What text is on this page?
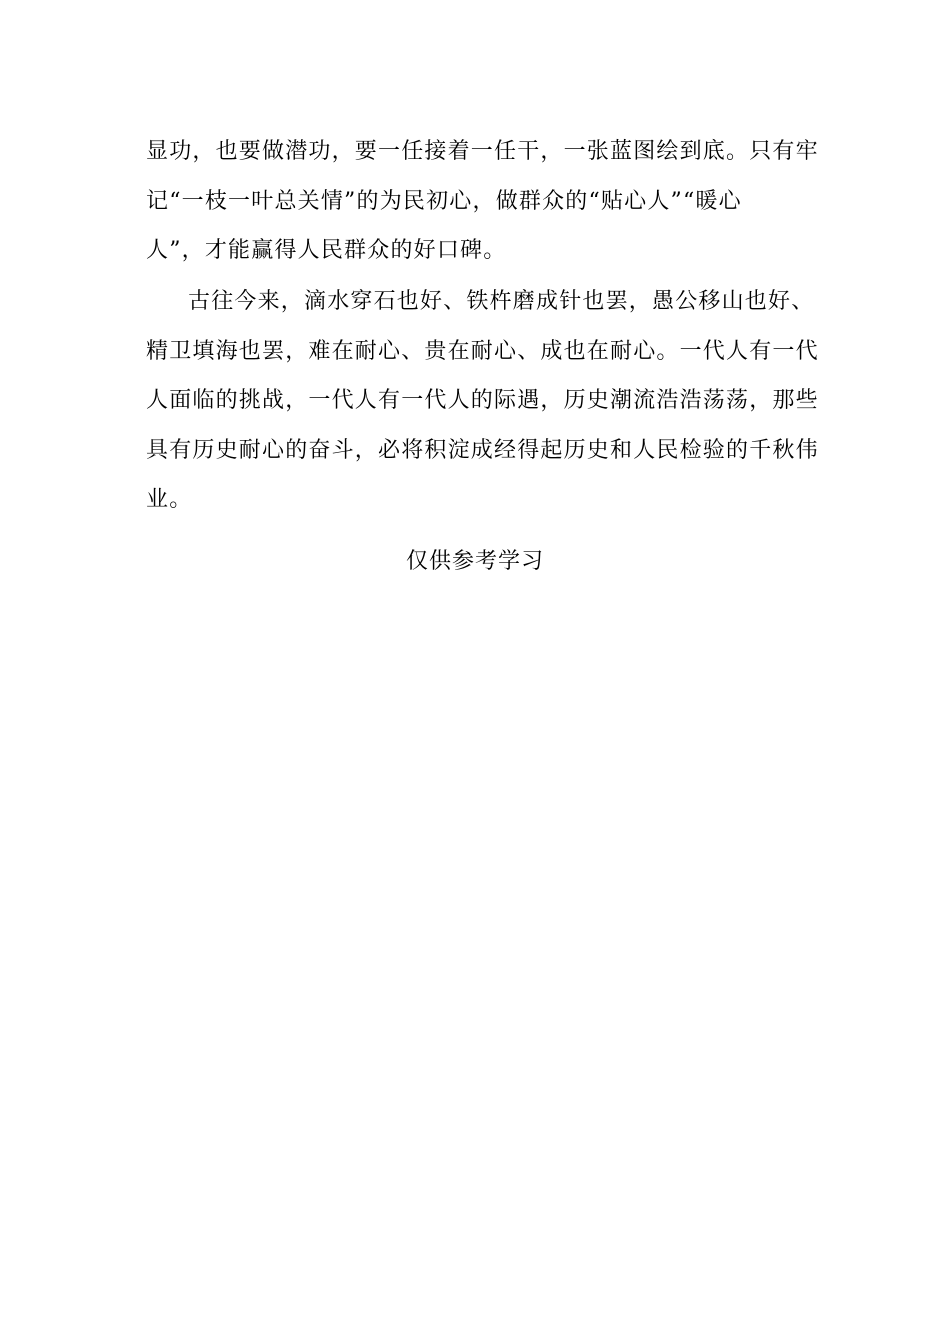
显功，也要做潜功，要一任接着一任干，一张蓝图绘到底。只有牢
记“一枝一叶总关情”的为民初心，做群众的“贴心人”“暖心
人”，才能赢得人民群众的好口碑。
古往今来，滴水穿石也好、铁杵磨成针也罢，愚公移山也好、
精卫填海也罢，难在耐心、贵在耐心、成也在耐心。一代人有一代
人面临的挑战，一代人有一代人的际遇，历史潮流浩浩荡荡，那些
具有历史耐心的奋斗，必将积淀成经得起历史和人民检验的千秋伟
业。
仅供参考学习
